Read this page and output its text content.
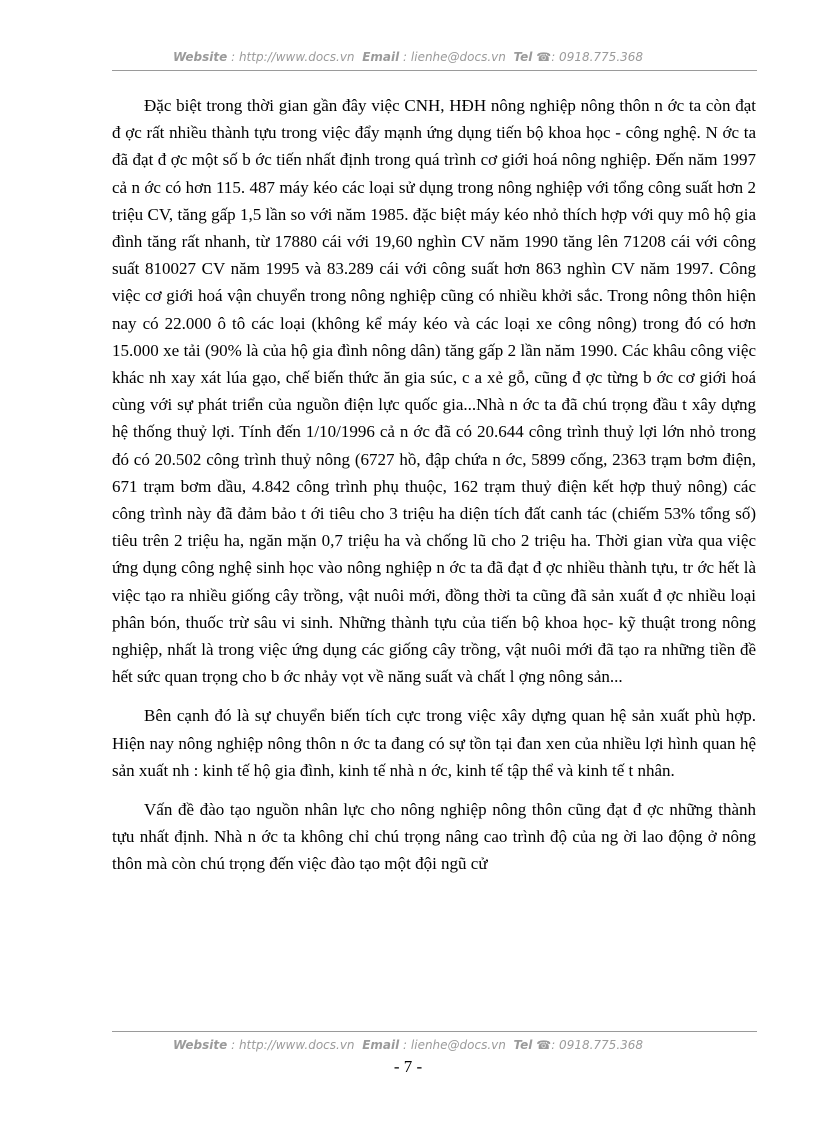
Website : http://www.docs.vn Email : lienhe@docs.vn Tel ☎: 0918.775.368

Đặc biệt trong thời gian gần đây việc CNH, HĐH nông nghiệp nông thôn n ớc ta còn đạt đ ợc rất nhiều thành tựu trong việc đẩy mạnh ứng dụng tiến bộ khoa học - công nghệ. N ớc ta đã đạt đ ợc một số b ớc tiến nhất định trong quá trình cơ giới hoá nông nghiệp. Đến năm 1997 cả n ớc có hơn 115. 487 máy kéo các loại sử dụng trong nông nghiệp với tổng công suất hơn 2 triệu CV, tăng gấp 1,5 lần so với năm 1985. đặc biệt máy kéo nhỏ thích hợp với quy mô hộ gia đình tăng rất nhanh, từ 17880 cái với 19,60 nghìn CV năm 1990 tăng lên 71208 cái với công suất 810027 CV năm 1995 và 83.289 cái với công suất hơn 863 nghìn CV năm 1997. Công việc cơ giới hoá vận chuyển trong nông nghiệp cũng có nhiều khởi sắc. Trong nông thôn hiện nay có 22.000 ô tô các loại (không kể máy kéo và các loại xe công nông) trong đó có hơn 15.000 xe tải (90% là của hộ gia đình nông dân) tăng gấp 2 lần năm 1990. Các khâu công việc khác nh xay xát lúa gạo, chế biến thức ăn gia súc, c a xẻ gỗ, cũng đ ợc từng b ớc cơ giới hoá cùng với sự phát triển của nguồn điện lực quốc gia...Nhà n ớc ta đã chú trọng đầu t xây dựng hệ thống thuỷ lợi. Tính đến 1/10/1996 cả n ớc đã có 20.644 công trình thuỷ lợi lớn nhỏ trong đó có 20.502 công trình thuỷ nông (6727 hồ, đập chứa n ớc, 5899 cống, 2363 trạm bơm điện, 671 trạm bơm dầu, 4.842 công trình phụ thuộc, 162 trạm thuỷ điện kết hợp thuỷ nông) các công trình này đã đảm bảo t ới tiêu cho 3 triệu ha diện tích đất canh tác (chiếm 53% tổng số) tiêu trên 2 triệu ha, ngăn mặn 0,7 triệu ha và chống lũ cho 2 triệu ha. Thời gian vừa qua việc ứng dụng công nghệ sinh học vào nông nghiệp n ớc ta đã đạt đ ợc nhiều thành tựu, tr ớc hết là việc tạo ra nhiều giống cây trồng, vật nuôi mới, đồng thời ta cũng đã sản xuất đ ợc nhiều loại phân bón, thuốc trừ sâu vi sinh. Những thành tựu của tiến bộ khoa học- kỹ thuật trong nông nghiệp, nhất là trong việc ứng dụng các giống cây trồng, vật nuôi mới đã tạo ra những tiền đề hết sức quan trọng cho b ớc nhảy vọt về năng suất và chất l ợng nông sản...

Bên cạnh đó là sự chuyển biến tích cực trong việc xây dựng quan hệ sản xuất phù hợp. Hiện nay nông nghiệp nông thôn n ớc ta đang có sự tồn tại đan xen của nhiều lợi hình quan hệ sản xuất nh : kinh tế hộ gia đình, kinh tế nhà n ớc, kinh tế tập thể và kinh tế t nhân.

Vấn đề đào tạo nguồn nhân lực cho nông nghiệp nông thôn cũng đạt đ ợc những thành tựu nhất định. Nhà n ớc ta không chỉ chú trọng nâng cao trình độ của ng ời lao động ở nông thôn mà còn chú trọng đến việc đào tạo một đội ngũ cử

Website : http://www.docs.vn Email : lienhe@docs.vn Tel ☎: 0918.775.368
- 7 -
